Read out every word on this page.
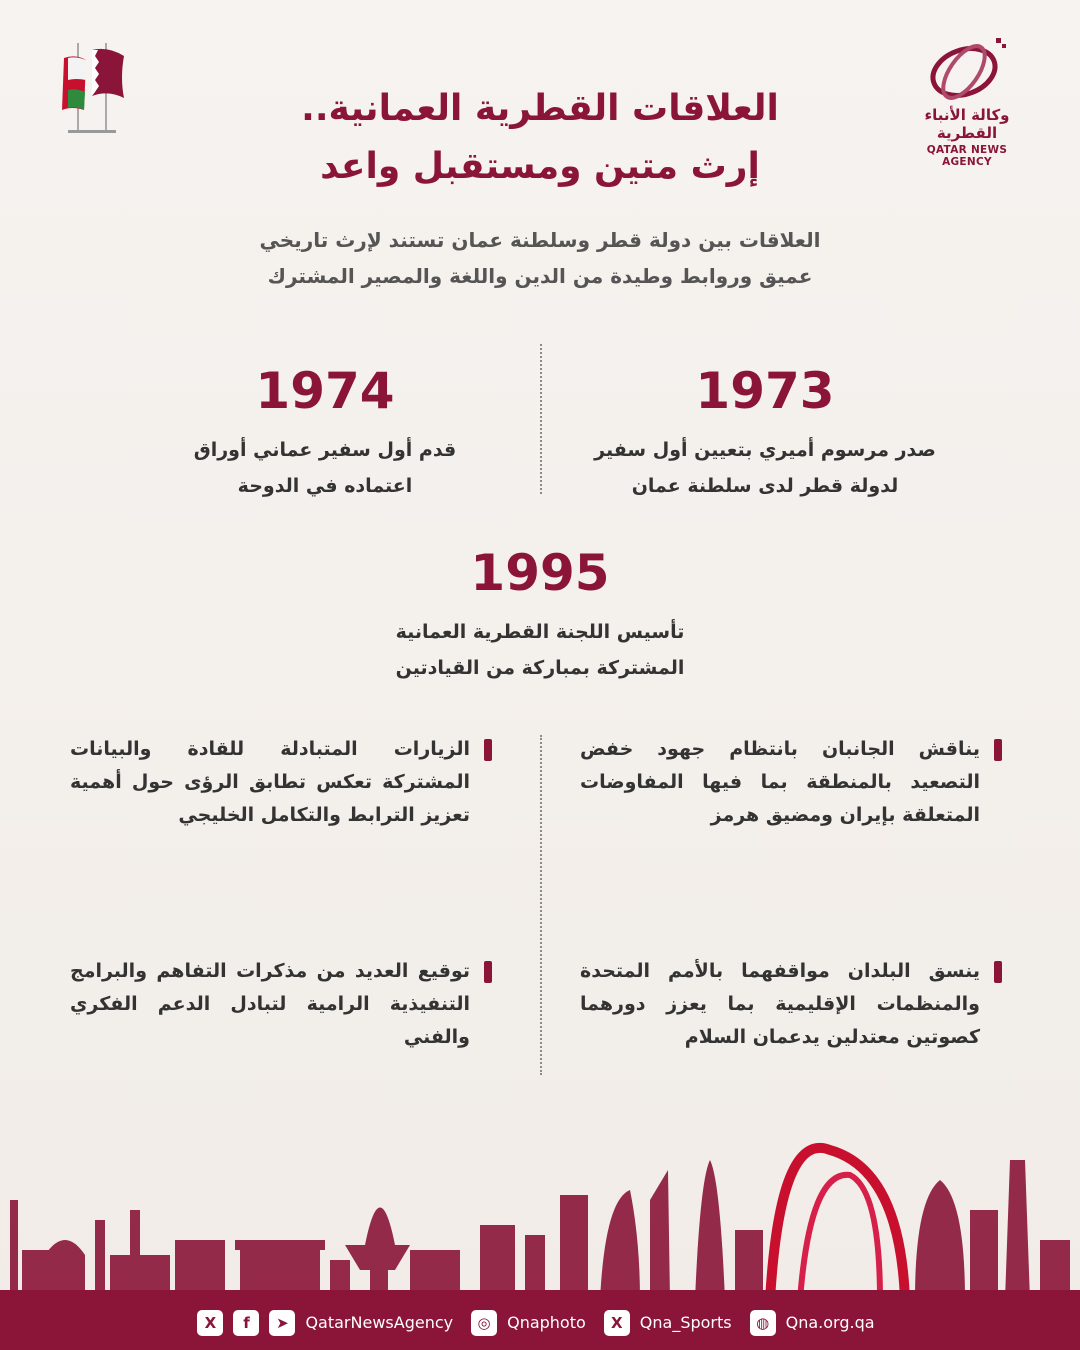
وكالة الأنباء القطرية
QATAR NEWS AGENCY
العلاقات القطرية العمانية..
إرث متين ومستقبل واعد
العلاقات بين دولة قطر وسلطنة عمان تستند لإرث تاريخي
عميق وروابط وطيدة من الدين واللغة والمصير المشترك
1973
صدر مرسوم أميري بتعيين أول سفير
لدولة قطر لدى سلطنة عمان
1974
قدم أول سفير عماني أوراق
اعتماده في الدوحة
1995
تأسيس اللجنة القطرية العمانية
المشتركة بمباركة من القيادتين
يناقش الجانبان بانتظام جهود خفض التصعيد بالمنطقة بما فيها المفاوضات المتعلقة بإيران ومضيق هرمز
الزيارات المتبادلة للقادة والبيانات المشتركة تعكس تطابق الرؤى حول أهمية تعزيز الترابط والتكامل الخليجي
ينسق البلدان مواقفهما بالأمم المتحدة والمنظمات الإقليمية بما يعزز دورهما كصوتين معتدلين يدعمان السلام
توقيع العديد من مذكرات التفاهم والبرامج التنفيذية الرامية لتبادل الدعم الفكري والفني
X	f	➤	QatarNewsAgency	◎	Qnaphoto	X	Qna_Sports	◍	Qna.org.qa
